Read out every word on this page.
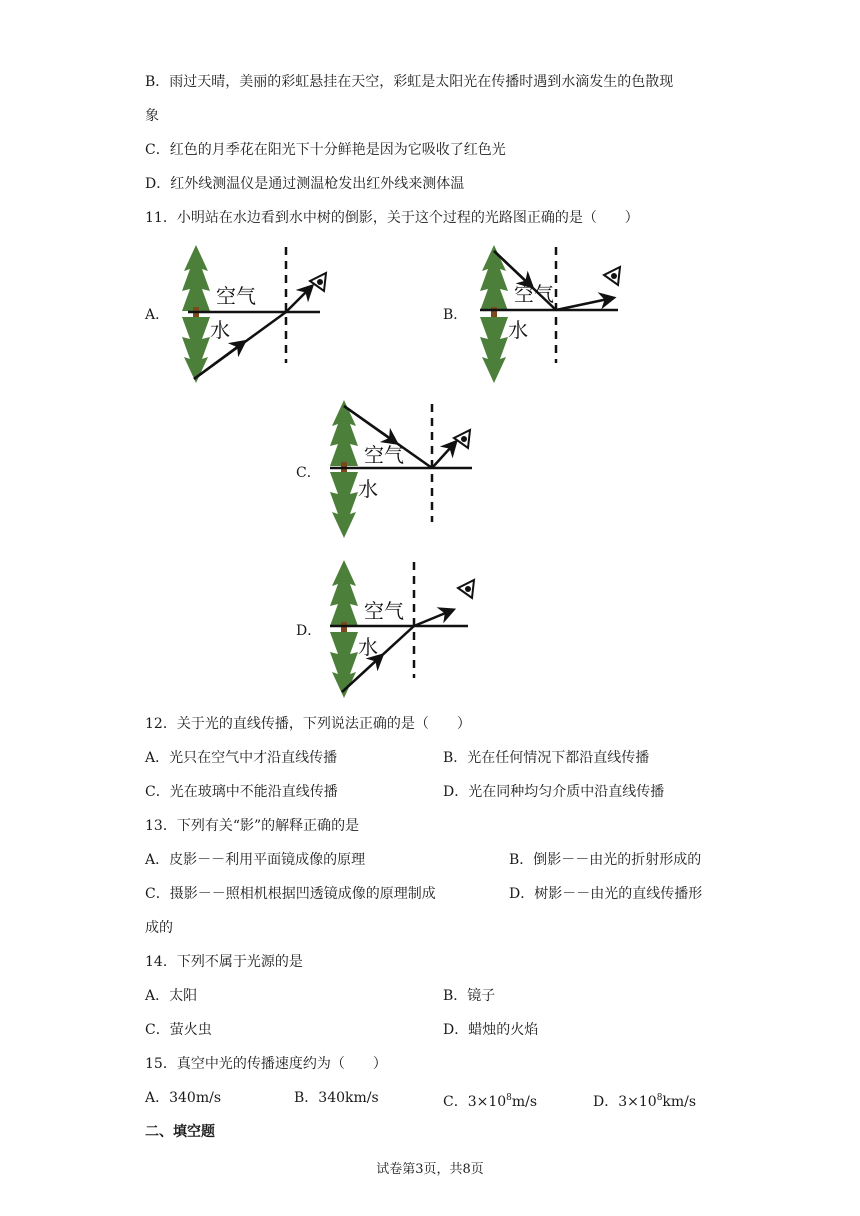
B．雨过天晴，美丽的彩虹悬挂在天空，彩虹是太阳光在传播时遇到水滴发生的色散现
象
C．红色的月季花在阳光下十分鲜艳是因为它吸收了红色光
D．红外线测温仪是通过测温枪发出红外线来测体温
11．小明站在水边看到水中树的倒影，关于这个过程的光路图正确的是（　　）
A．
空气
水
B．
空气
水
C．
空气
水
D．
空气
水
12．关于光的直线传播，下列说法正确的是（　　）
A．光只在空气中才沿直线传播	B．光在任何情况下都沿直线传播
C．光在玻璃中不能沿直线传播	D．光在同种均匀介质中沿直线传播
13．下列有关“影”的解释正确的是
A．皮影－－利用平面镜成像的原理	B．倒影－－由光的折射形成的
C．摄影－－照相机根据凹透镜成像的原理制成	D．树影－－由光的直线传播形
成的
14．下列不属于光源的是
A．太阳	B．镜子
C．萤火虫	D．蜡烛的火焰
15．真空中光的传播速度约为（　　）
A．340m/s	B．340km/s	C．$3\times 10^8m/s$	D．$3\times 10^8km/s$
二、填空题
试卷第3页，共8页
